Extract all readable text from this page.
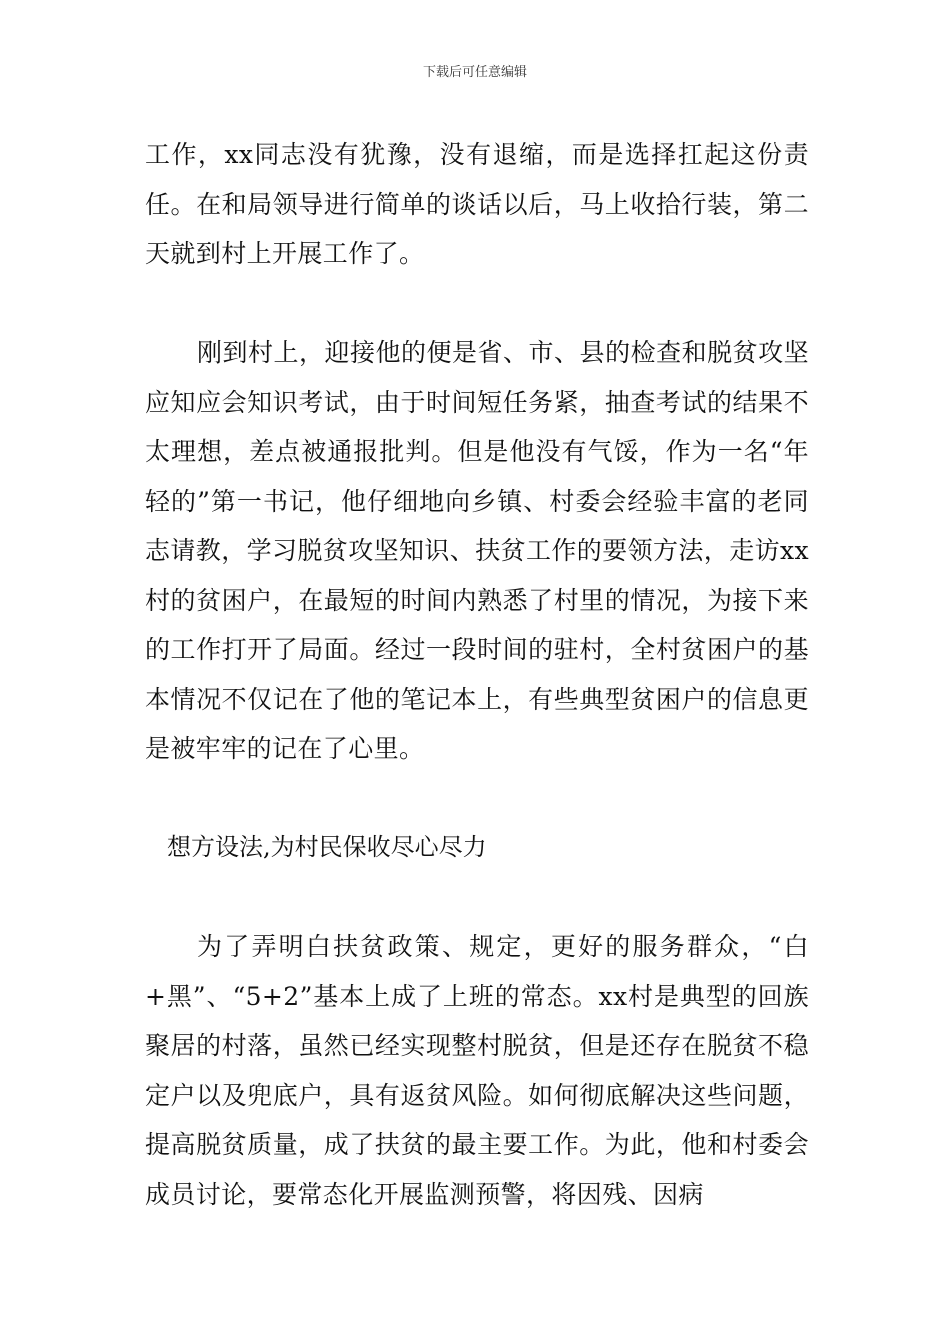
下载后可任意编辑

工作，xx同志没有犹豫，没有退缩，而是选择扛起这份责任。在和局领导进行简单的谈话以后，马上收拾行装，第二天就到村上开展工作了。

刚到村上，迎接他的便是省、市、县的检查和脱贫攻坚应知应会知识考试，由于时间短任务紧，抽查考试的结果不太理想，差点被通报批判。但是他没有气馁，作为一名“年轻的”第一书记，他仔细地向乡镇、村委会经验丰富的老同志请教，学习脱贫攻坚知识、扶贫工作的要领方法，走访xx村的贫困户，在最短的时间内熟悉了村里的情况，为接下来的工作打开了局面。经过一段时间的驻村，全村贫困户的基本情况不仅记在了他的笔记本上，有些典型贫困户的信息更是被牢牢的记在了心里。

想方设法,为村民保收尽心尽力

为了弄明白扶贫政策、规定，更好的服务群众，“白+黑”、“5+2”基本上成了上班的常态。xx村是典型的回族聚居的村落，虽然已经实现整村脱贫，但是还存在脱贫不稳定户以及兜底户，具有返贫风险。如何彻底解决这些问题，提高脱贫质量，成了扶贫的最主要工作。为此，他和村委会成员讨论，要常态化开展监测预警，将因残、因病
